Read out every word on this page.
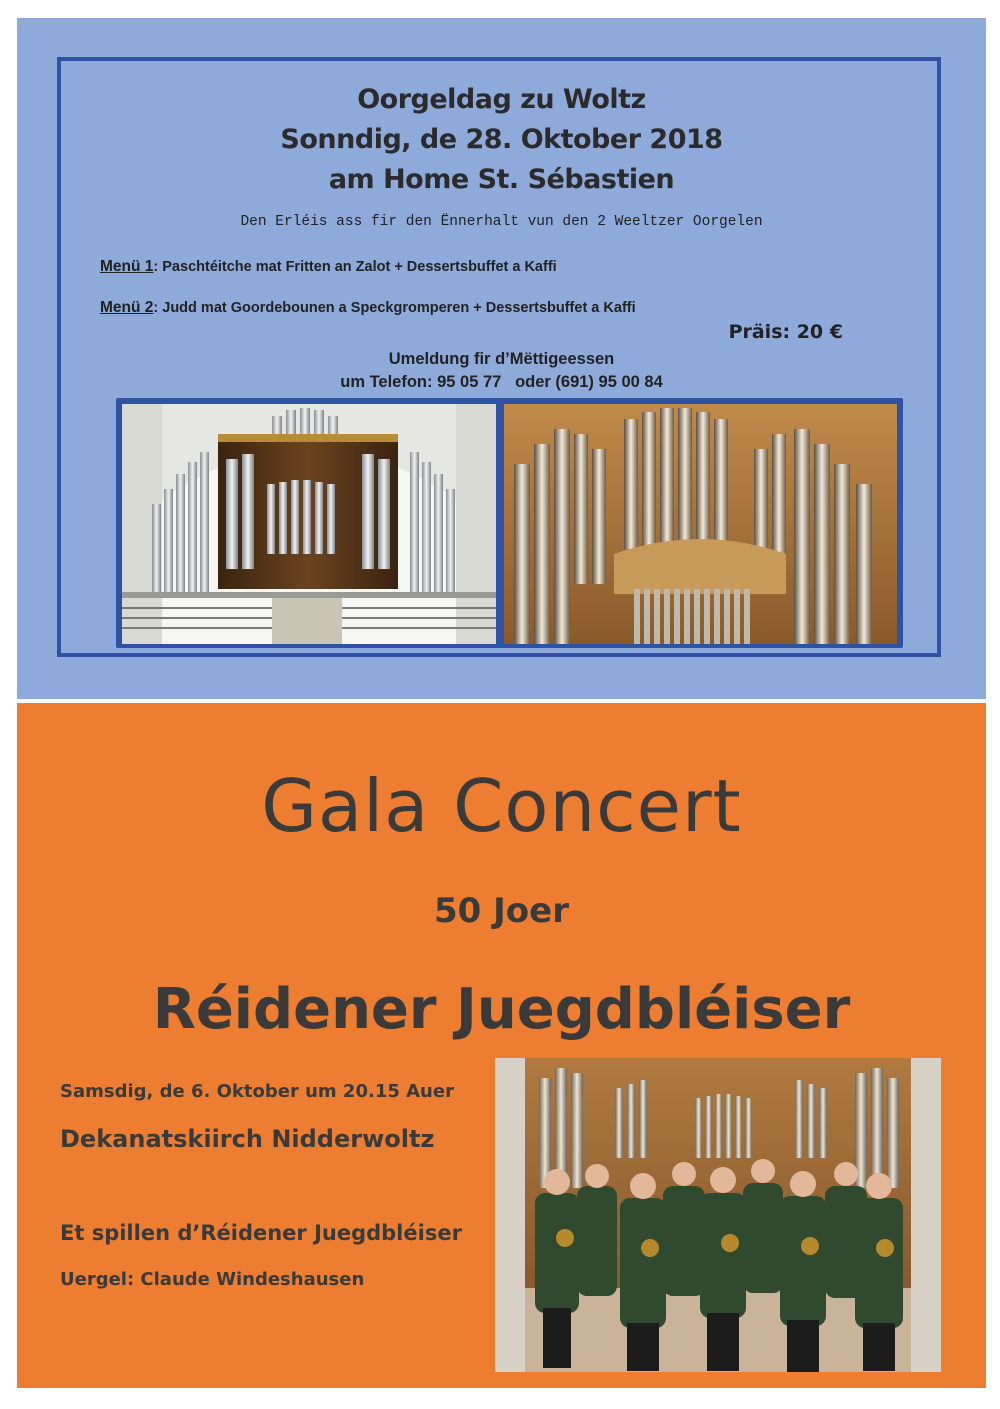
Oorgeldag zu Woltz
Sonndig, de 28. Oktober 2018
am Home St. Sébastien
Den Erléis ass fir den Ënnerhalt vun den 2 Weeltzer Oorgelen
Menü 1: Paschtéitche mat Fritten an Zalot + Dessertsbuffet a Kaffi
Menü 2: Judd mat Goordebounen a Speckgromperen + Dessertsbuffet a Kaffi
Präis: 20 €
Umeldung fir d’Mëttigeessen
um Telefon: 95 05 77   oder (691) 95 00 84
Gala Concert
50 Joer
Réidener Juegdbléiser
Samsdig, de 6. Oktober um 20.15 Auer
Dekanatskiirch Nidderwoltz
Et spillen d’Réidener Juegdbléiser
Uergel: Claude Windeshausen
